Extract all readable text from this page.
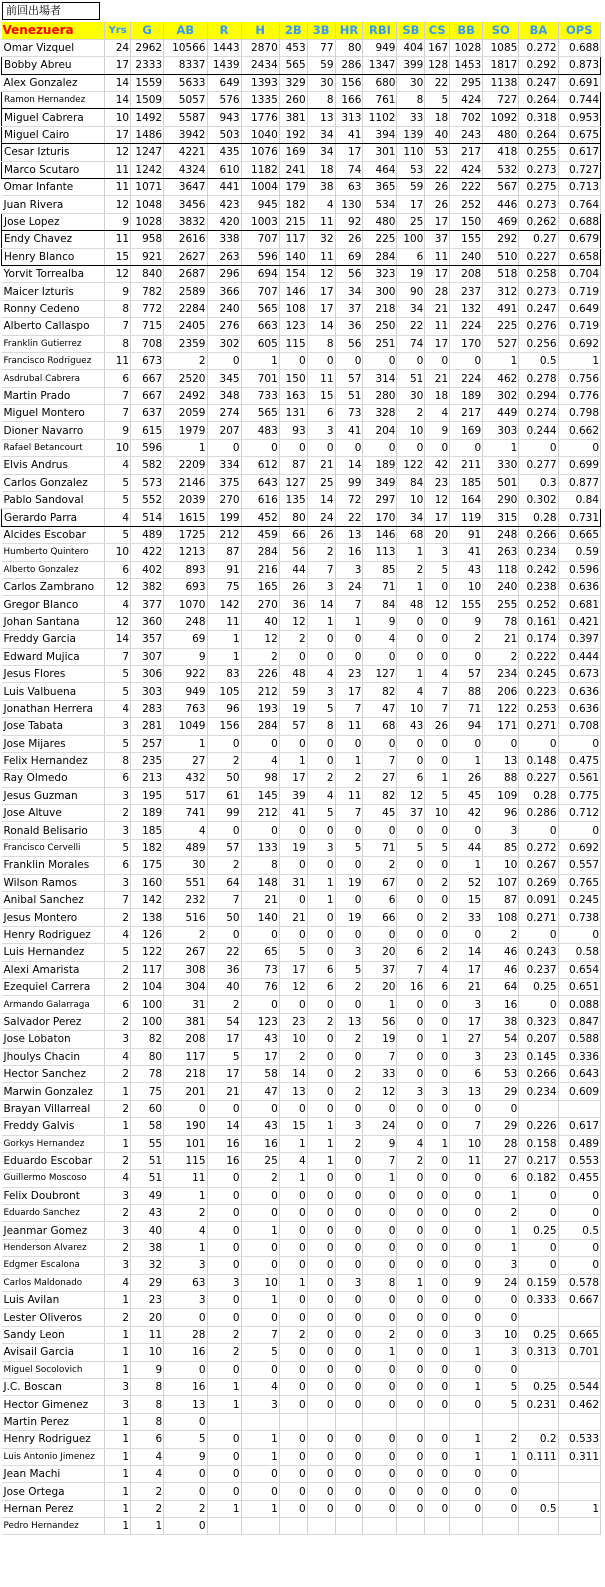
前回出場者
Venezuera	Yrs	G	AB	R	H	2B	3B	HR	RBI	SB	CS	BB	SO	BA	OPS
Omar Vizquel	24	2962	10566	1443	2870	453	77	80	949	404	167	1028	1085	0.272	0.688
Bobby Abreu	17	2333	8337	1439	2434	565	59	286	1347	399	128	1453	1817	0.292	0.873
Alex Gonzalez	14	1559	5633	649	1393	329	30	156	680	30	22	295	1138	0.247	0.691
Ramon Hernandez	14	1509	5057	576	1335	260	8	166	761	8	5	424	727	0.264	0.744
Miguel Cabrera	10	1492	5587	943	1776	381	13	313	1102	33	18	702	1092	0.318	0.953
Miguel Cairo	17	1486	3942	503	1040	192	34	41	394	139	40	243	480	0.264	0.675
Cesar Izturis	12	1247	4221	435	1076	169	34	17	301	110	53	217	418	0.255	0.617
Marco Scutaro	11	1242	4324	610	1182	241	18	74	464	53	22	424	532	0.273	0.727
Omar Infante	11	1071	3647	441	1004	179	38	63	365	59	26	222	567	0.275	0.713
Juan Rivera	12	1048	3456	423	945	182	4	130	534	17	26	252	446	0.273	0.764
Jose Lopez	9	1028	3832	420	1003	215	11	92	480	25	17	150	469	0.262	0.688
Endy Chavez	11	958	2616	338	707	117	32	26	225	100	37	155	292	0.27	0.679
Henry Blanco	15	921	2627	263	596	140	11	69	284	6	11	240	510	0.227	0.658
Yorvit Torrealba	12	840	2687	296	694	154	12	56	323	19	17	208	518	0.258	0.704
Maicer Izturis	9	782	2589	366	707	146	17	34	300	90	28	237	312	0.273	0.719
Ronny Cedeno	8	772	2284	240	565	108	17	37	218	34	21	132	491	0.247	0.649
Alberto Callaspo	7	715	2405	276	663	123	14	36	250	22	11	224	225	0.276	0.719
Franklin Gutierrez	8	708	2359	302	605	115	8	56	251	74	17	170	527	0.256	0.692
Francisco Rodriguez	11	673	2	0	1	0	0	0	0	0	0	0	1	0.5	1
Asdrubal Cabrera	6	667	2520	345	701	150	11	57	314	51	21	224	462	0.278	0.756
Martin Prado	7	667	2492	348	733	163	15	51	280	30	18	189	302	0.294	0.776
Miguel Montero	7	637	2059	274	565	131	6	73	328	2	4	217	449	0.274	0.798
Dioner Navarro	9	615	1979	207	483	93	3	41	204	10	9	169	303	0.244	0.662
Rafael Betancourt	10	596	1	0	0	0	0	0	0	0	0	0	1	0	0
Elvis Andrus	4	582	2209	334	612	87	21	14	189	122	42	211	330	0.277	0.699
Carlos Gonzalez	5	573	2146	375	643	127	25	99	349	84	23	185	501	0.3	0.877
Pablo Sandoval	5	552	2039	270	616	135	14	72	297	10	12	164	290	0.302	0.84
Gerardo Parra	4	514	1615	199	452	80	24	22	170	34	17	119	315	0.28	0.731
Alcides Escobar	5	489	1725	212	459	66	26	13	146	68	20	91	248	0.266	0.665
Humberto Quintero	10	422	1213	87	284	56	2	16	113	1	3	41	263	0.234	0.59
Alberto Gonzalez	6	402	893	91	216	44	7	3	85	2	5	43	118	0.242	0.596
Carlos Zambrano	12	382	693	75	165	26	3	24	71	1	0	10	240	0.238	0.636
Gregor Blanco	4	377	1070	142	270	36	14	7	84	48	12	155	255	0.252	0.681
Johan Santana	12	360	248	11	40	12	1	1	9	0	0	9	78	0.161	0.421
Freddy Garcia	14	357	69	1	12	2	0	0	4	0	0	2	21	0.174	0.397
Edward Mujica	7	307	9	1	2	0	0	0	0	0	0	0	2	0.222	0.444
Jesus Flores	5	306	922	83	226	48	4	23	127	1	4	57	234	0.245	0.673
Luis Valbuena	5	303	949	105	212	59	3	17	82	4	7	88	206	0.223	0.636
Jonathan Herrera	4	283	763	96	193	19	5	7	47	10	7	71	122	0.253	0.636
Jose Tabata	3	281	1049	156	284	57	8	11	68	43	26	94	171	0.271	0.708
Jose Mijares	5	257	1	0	0	0	0	0	0	0	0	0	0	0	0
Felix Hernandez	8	235	27	2	4	1	0	1	7	0	0	1	13	0.148	0.475
Ray Olmedo	6	213	432	50	98	17	2	2	27	6	1	26	88	0.227	0.561
Jesus Guzman	3	195	517	61	145	39	4	11	82	12	5	45	109	0.28	0.775
Jose Altuve	2	189	741	99	212	41	5	7	45	37	10	42	96	0.286	0.712
Ronald Belisario	3	185	4	0	0	0	0	0	0	0	0	0	3	0	0
Francisco Cervelli	5	182	489	57	133	19	3	5	71	5	5	44	85	0.272	0.692
Franklin Morales	6	175	30	2	8	0	0	0	2	0	0	1	10	0.267	0.557
Wilson Ramos	3	160	551	64	148	31	1	19	67	0	2	52	107	0.269	0.765
Anibal Sanchez	7	142	232	7	21	0	1	0	6	0	0	15	87	0.091	0.245
Jesus Montero	2	138	516	50	140	21	0	19	66	0	2	33	108	0.271	0.738
Henry Rodriguez	4	126	2	0	0	0	0	0	0	0	0	0	2	0	0
Luis Hernandez	5	122	267	22	65	5	0	3	20	6	2	14	46	0.243	0.58
Alexi Amarista	2	117	308	36	73	17	6	5	37	7	4	17	46	0.237	0.654
Ezequiel Carrera	2	104	304	40	76	12	6	2	20	16	6	21	64	0.25	0.651
Armando Galarraga	6	100	31	2	0	0	0	0	1	0	0	3	16	0	0.088
Salvador Perez	2	100	381	54	123	23	2	13	56	0	0	17	38	0.323	0.847
Jose Lobaton	3	82	208	17	43	10	0	2	19	0	1	27	54	0.207	0.588
Jhoulys Chacin	4	80	117	5	17	2	0	0	7	0	0	3	23	0.145	0.336
Hector Sanchez	2	78	218	17	58	14	0	2	33	0	0	6	53	0.266	0.643
Marwin Gonzalez	1	75	201	21	47	13	0	2	12	3	3	13	29	0.234	0.609
Brayan Villarreal	2	60	0	0	0	0	0	0	0	0	0	0	0		
Freddy Galvis	1	58	190	14	43	15	1	3	24	0	0	7	29	0.226	0.617
Gorkys Hernandez	1	55	101	16	16	1	1	2	9	4	1	10	28	0.158	0.489
Eduardo Escobar	2	51	115	16	25	4	1	0	7	2	0	11	27	0.217	0.553
Guillermo Moscoso	4	51	11	0	2	1	0	0	1	0	0	0	6	0.182	0.455
Felix Doubront	3	49	1	0	0	0	0	0	0	0	0	0	1	0	0
Eduardo Sanchez	2	43	2	0	0	0	0	0	0	0	0	0	2	0	0
Jeanmar Gomez	3	40	4	0	1	0	0	0	0	0	0	0	1	0.25	0.5
Henderson Alvarez	2	38	1	0	0	0	0	0	0	0	0	0	1	0	0
Edgmer Escalona	3	32	3	0	0	0	0	0	0	0	0	0	3	0	0
Carlos Maldonado	4	29	63	3	10	1	0	3	8	1	0	9	24	0.159	0.578
Luis Avilan	1	23	3	0	1	0	0	0	0	0	0	0	0	0.333	0.667
Lester Oliveros	2	20	0	0	0	0	0	0	0	0	0	0	0		
Sandy Leon	1	11	28	2	7	2	0	0	2	0	0	3	10	0.25	0.665
Avisail Garcia	1	10	16	2	5	0	0	0	1	0	0	1	3	0.313	0.701
Miguel Socolovich	1	9	0	0	0	0	0	0	0	0	0	0	0		
J.C. Boscan	3	8	16	1	4	0	0	0	0	0	0	1	5	0.25	0.544
Hector Gimenez	3	8	13	1	3	0	0	0	0	0	0	0	5	0.231	0.462
Martin Perez	1	8	0												
Henry Rodriguez	1	6	5	0	1	0	0	0	0	0	0	1	2	0.2	0.533
Luis Antonio Jimenez	1	4	9	0	1	0	0	0	0	0	0	1	1	0.111	0.311
Jean Machi	1	4	0	0	0	0	0	0	0	0	0	0	0		
Jose Ortega	1	2	0	0	0	0	0	0	0	0	0	0	0		
Hernan Perez	1	2	2	1	1	0	0	0	0	0	0	0	0	0.5	1
Pedro Hernandez	1	1	0												
